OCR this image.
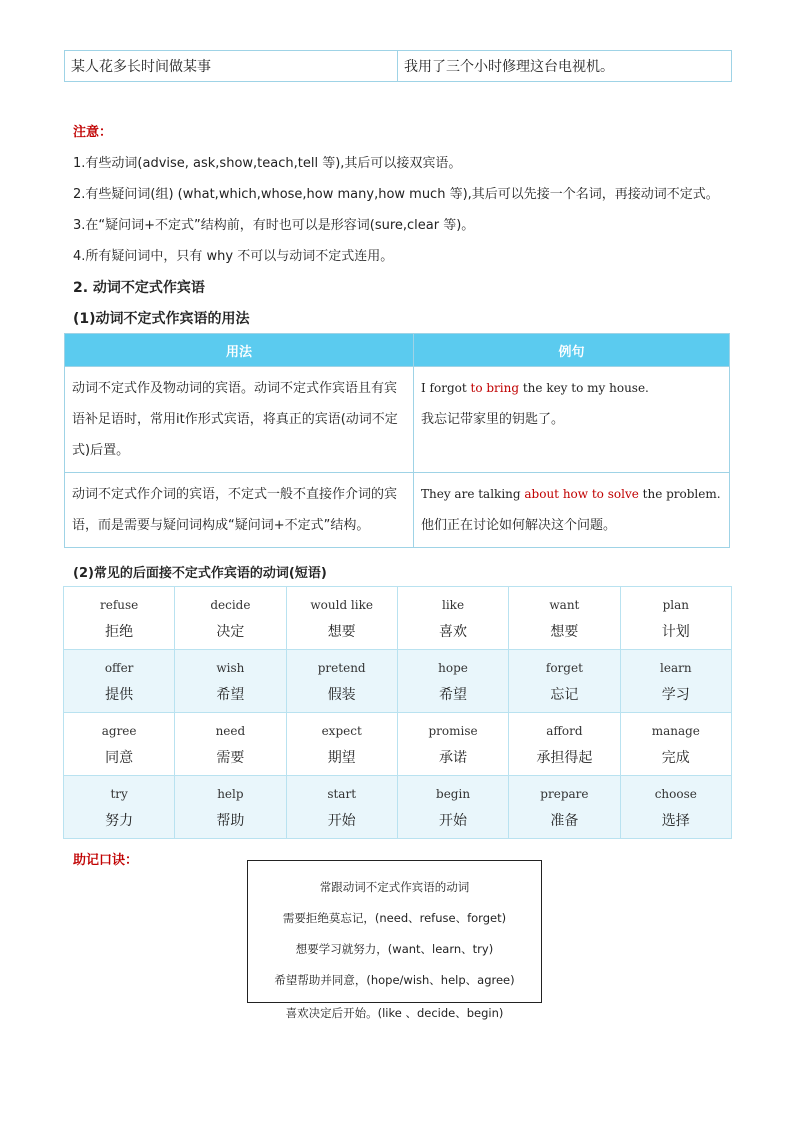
某人花多长时间做某事	我用了三个小时修理这台电视机。
注意：
1.有些动词(advise, ask,show,teach,tell 等),其后可以接双宾语。
2.有些疑问词(组) (what,which,whose,how many,how much 等),其后可以先接一个名词，再接动词不定式。
3.在“疑问词+不定式”结构前，有时也可以是形容词(sure,clear 等)。
4.所有疑问词中，只有 why 不可以与动词不定式连用。
2. 动词不定式作宾语
(1)动词不定式作宾语的用法
用法	例句
动词不定式作及物动词的宾语。动词不定式作宾语且有宾语补足语时，常用it作形式宾语，将真正的宾语(动词不定式)后置。	I forgot to bring the key to my house.
我忘记带家里的钥匙了。

动词不定式作介词的宾语，不定式一般不直接作介词的宾语，而是需要与疑问词构成“疑问词+不定式”结构。	They are talking about how to solve the problem.
他们正在讨论如何解决这个问题。
(2)常见的后面接不定式作宾语的动词(短语)
refuse
拒绝	decide
决定	would like
想要	like
喜欢	want
想要	plan
计划

offer
提供	wish
希望	pretend
假装	hope
希望	forget
忘记	learn
学习

agree
同意	need
需要	expect
期望	promise
承诺	afford
承担得起	manage
完成

try
努力	help
帮助	start
开始	begin
开始	prepare
准备	choose
选择
助记口诀：
常跟动词不定式作宾语的动词
需要拒绝莫忘记，(need、refuse、forget)
想要学习就努力，(want、learn、try)
希望帮助并同意，(hope/wish、help、agree)
喜欢决定后开始。(like 、decide、begin)
